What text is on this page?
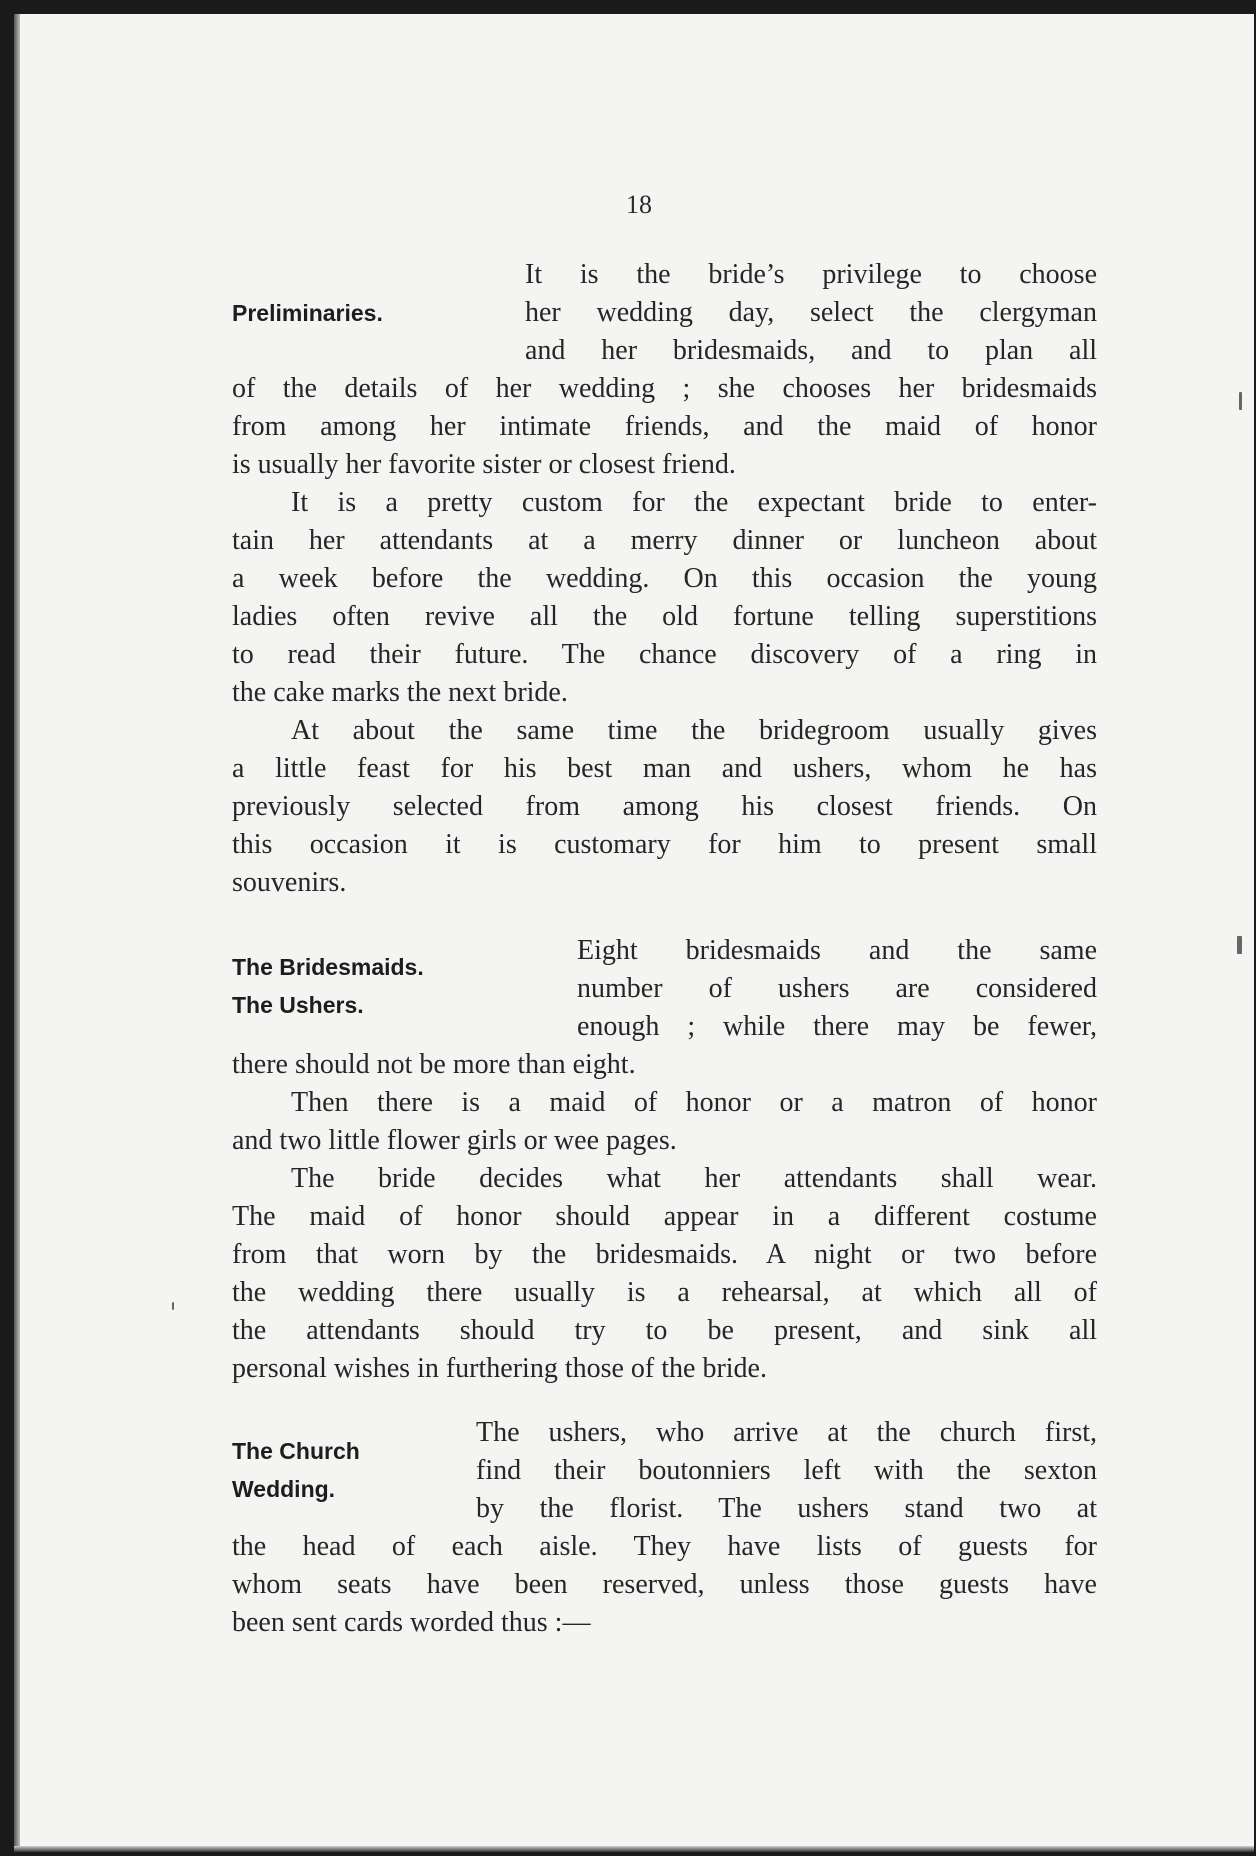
18
Preliminaries.
It is the bride’s privilege to choose
her wedding day, select the clergyman
and her bridesmaids, and to plan all
of the details of her wedding ; she chooses her bridesmaids
from among her intimate friends, and the maid of honor
is usually her favorite sister or closest friend.
It is a pretty custom for the expectant bride to enter-
tain her attendants at a merry dinner or luncheon about
a week before the wedding. On this occasion the young
ladies often revive all the old fortune telling superstitions
to read their future. The chance discovery of a ring in
the cake marks the next bride.
At about the same time the bridegroom usually gives
a little feast for his best man and ushers, whom he has
previously selected from among his closest friends. On
this occasion it is customary for him to present small
souvenirs.
The Bridesmaids.
The Ushers.
Eight bridesmaids and the same
number of ushers are considered
enough ; while there may be fewer,
there should not be more than eight.
Then there is a maid of honor or a matron of honor
and two little flower girls or wee pages.
The bride decides what her attendants shall wear.
The maid of honor should appear in a different costume
from that worn by the bridesmaids. A night or two before
the wedding there usually is a rehearsal, at which all of
the attendants should try to be present, and sink all
personal wishes in furthering those of the bride.
The Church
Wedding.
The ushers, who arrive at the church first,
find their boutonniers left with the sexton
by the florist. The ushers stand two at
the head of each aisle. They have lists of guests for
whom seats have been reserved, unless those guests have
been sent cards worded thus :—
